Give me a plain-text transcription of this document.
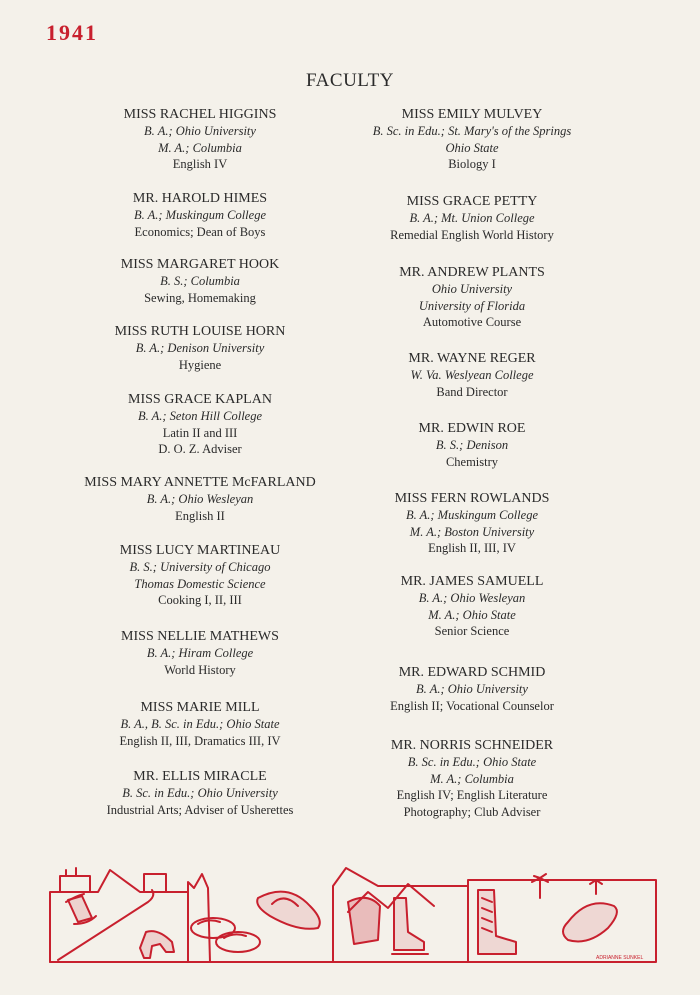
1941
FACULTY
MISS RACHEL HIGGINS
B. A.; Ohio University
M. A.; Columbia
English IV
MR. HAROLD HIMES
B. A.; Muskingum College
Economics; Dean of Boys
MISS MARGARET HOOK
B. S.; Columbia
Sewing, Homemaking
MISS RUTH LOUISE HORN
B. A.; Denison University
Hygiene
MISS GRACE KAPLAN
B. A.; Seton Hill College
Latin II and III
D. O. Z. Adviser
MISS MARY ANNETTE McFARLAND
B. A.; Ohio Wesleyan
English II
MISS LUCY MARTINEAU
B. S.; University of Chicago
Thomas Domestic Science
Cooking I, II, III
MISS NELLIE MATHEWS
B. A.; Hiram College
World History
MISS MARIE MILL
B. A., B. Sc. in Edu.; Ohio State
English II, III, Dramatics III, IV
MR. ELLIS MIRACLE
B. Sc. in Edu.; Ohio University
Industrial Arts; Adviser of Usherettes
MISS EMILY MULVEY
B. Sc. in Edu.; St. Mary's of the Springs
Ohio State
Biology I
MISS GRACE PETTY
B. A.; Mt. Union College
Remedial English World History
MR. ANDREW PLANTS
Ohio University
University of Florida
Automotive Course
MR. WAYNE REGER
W. Va. Weslyean College
Band Director
MR. EDWIN ROE
B. S.; Denison
Chemistry
MISS FERN ROWLANDS
B. A.; Muskingum College
M. A.; Boston University
English II, III, IV
MR. JAMES SAMUELL
B. A.; Ohio Wesleyan
M. A.; Ohio State
Senior Science
MR. EDWARD SCHMID
B. A.; Ohio University
English II; Vocational Counselor
MR. NORRIS SCHNEIDER
B. Sc. in Edu.; Ohio State
M. A.; Columbia
English IV; English Literature
Photography; Club Adviser
ADRIANNE SUNKEL
